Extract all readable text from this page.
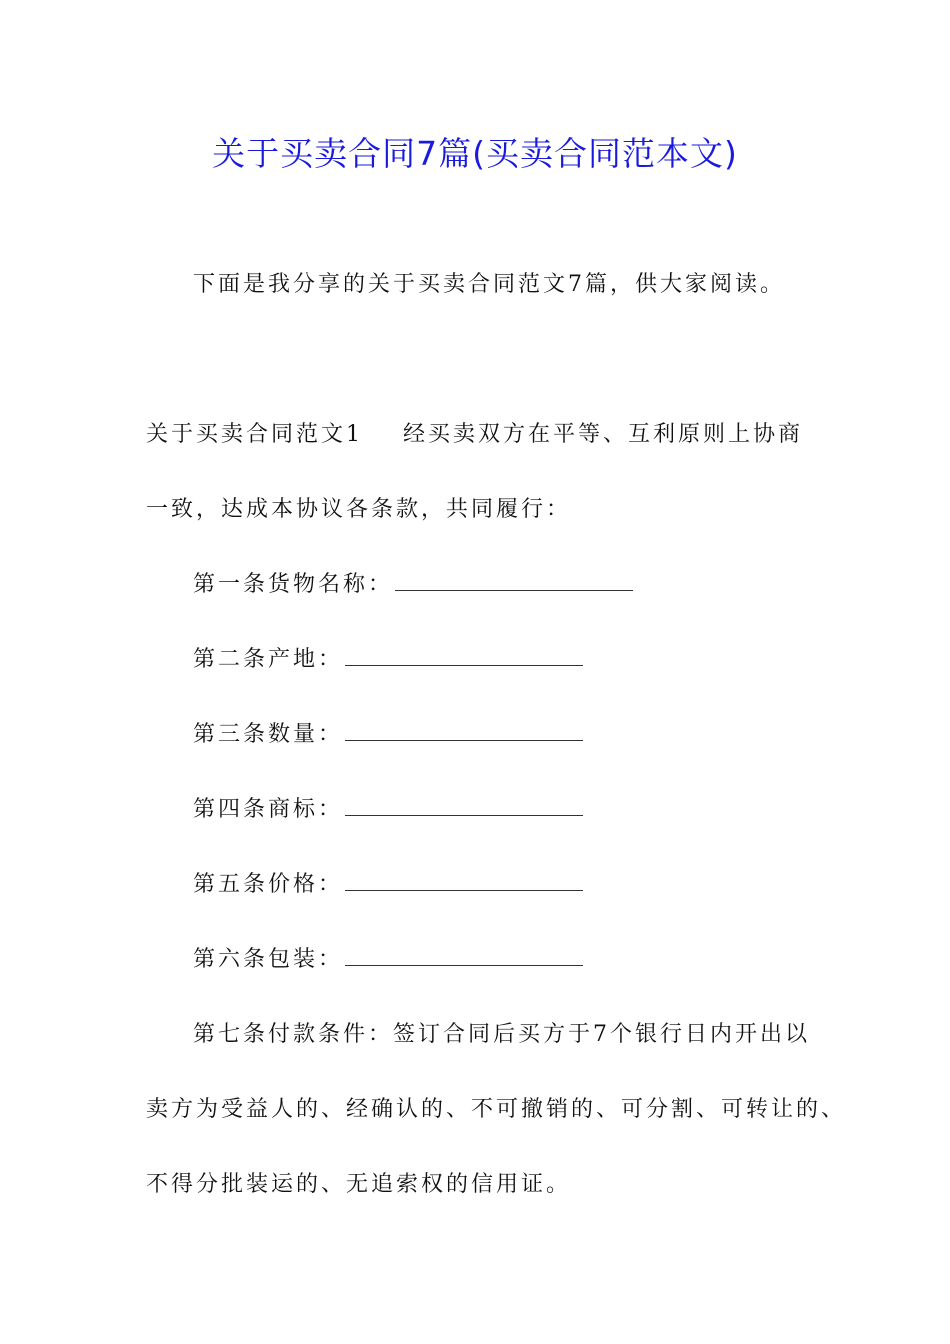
关于买卖合同7篇(买卖合同范本文)
下面是我分享的关于买卖合同范文7篇，供大家阅读。
关于买卖合同范文1 经买卖双方在平等、互利原则上协商
一致，达成本协议各条款，共同履行：
第一条货物名称：
第二条产地：
第三条数量：
第四条商标：
第五条价格：
第六条包装：
第七条付款条件：签订合同后买方于7个银行日内开出以
卖方为受益人的、经确认的、不可撤销的、可分割、可转让的、
不得分批装运的、无追索权的信用证。
